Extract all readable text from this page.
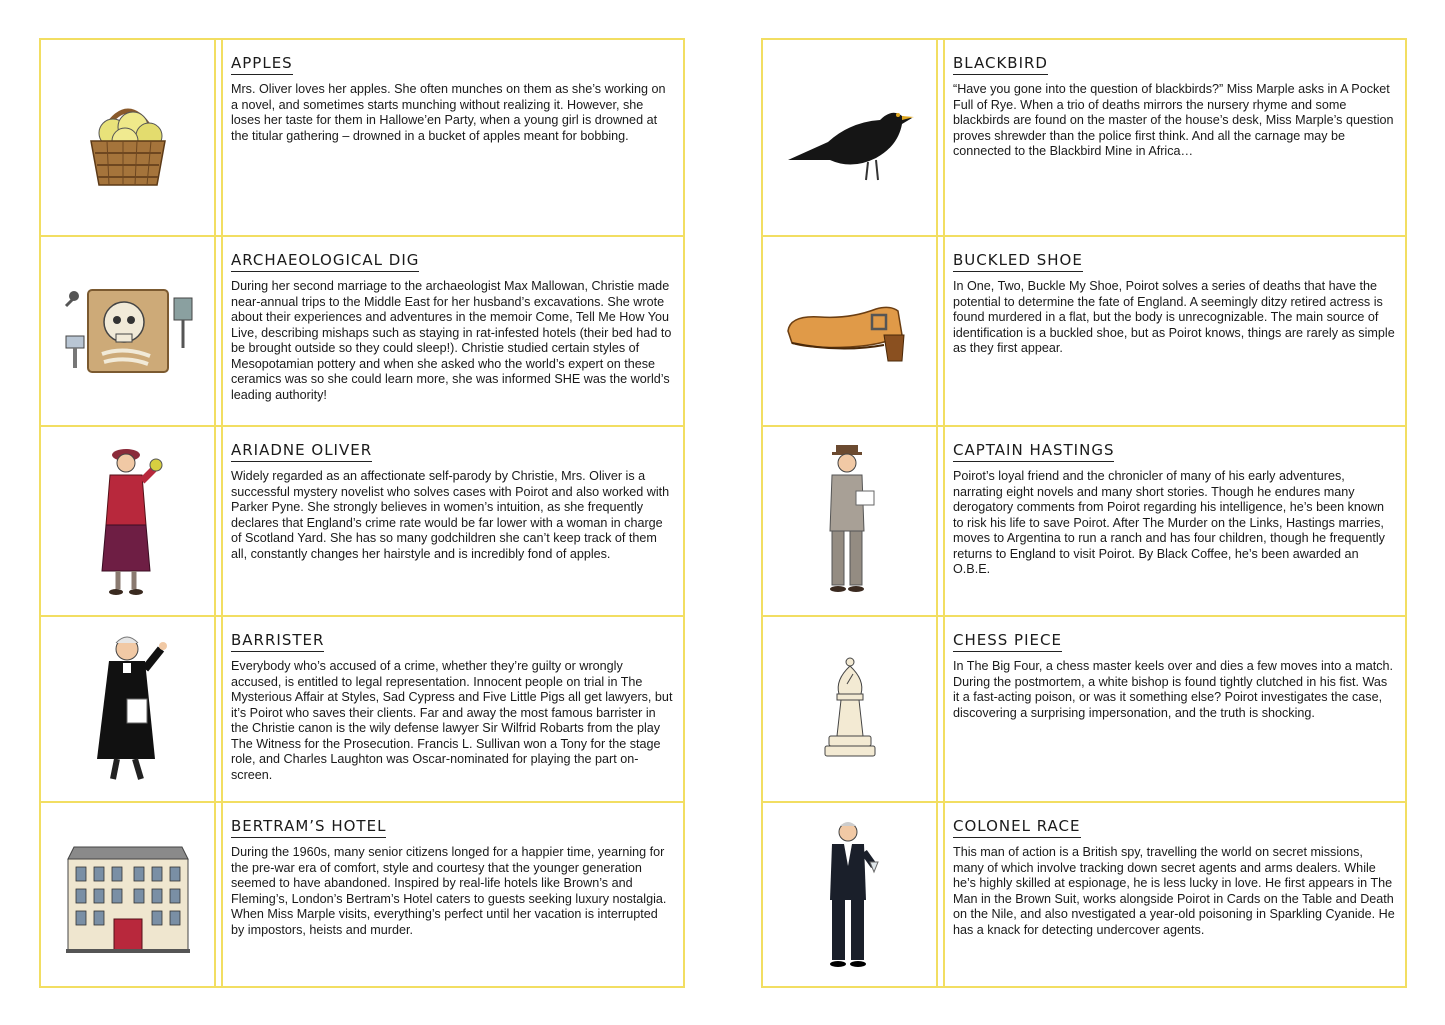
APPLES

Mrs. Oliver loves her apples. She often munches on them as she’s working on a novel, and sometimes starts munching without realizing it. However, she loses her taste for them in Hallowe’en Party, when a young girl is drowned at the titular gathering – drowned in a bucket of apples meant for bobbing.

ARCHAEOLOGICAL DIG

During her second marriage to the archaeologist Max Mallowan, Christie made near-annual trips to the Middle East for her husband’s excavations. She wrote about their experiences and adventures in the memoir Come, Tell Me How You Live, describing mishaps such as staying in rat-infested hotels (their bed had to be brought outside so they could sleep!). Christie studied certain styles of Mesopotamian pottery and when she asked who the world’s expert on these ceramics was so she could learn more, she was informed SHE was the world’s leading authority!

ARIADNE OLIVER

Widely regarded as an affectionate self-parody by Christie, Mrs. Oliver is a successful mystery novelist who solves cases with Poirot and also worked with Parker Pyne. She strongly believes in women’s intuition, as she frequently declares that England’s crime rate would be far lower with a woman in charge of Scotland Yard. She has so many godchildren she can’t keep track of them all, constantly changes her hairstyle and is incredibly fond of apples.

BARRISTER

Everybody who’s accused of a crime, whether they’re guilty or wrongly accused, is entitled to legal representation. Innocent people on trial in The Mysterious Affair at Styles, Sad Cypress and Five Little Pigs all get lawyers, but it’s Poirot who saves their clients. Far and away the most famous barrister in the Christie canon is the wily defense lawyer Sir Wilfrid Robarts from the play The Witness for the Prosecution. Francis L. Sullivan won a Tony for the stage role, and Charles Laughton was Oscar-nominated for playing the part on-screen.

BERTRAM’S HOTEL

During the 1960s, many senior citizens longed for a happier time, yearning for the pre-war era of comfort, style and courtesy that the younger generation seemed to have abandoned. Inspired by real-life hotels like Brown’s and Fleming’s, London’s Bertram’s Hotel caters to guests seeking luxury nostalgia. When Miss Marple visits, everything’s perfect until her vacation is interrupted by impostors, heists and murder.

BLACKBIRD

“Have you gone into the question of blackbirds?” Miss Marple asks in A Pocket Full of Rye. When a trio of deaths mirrors the nursery rhyme and some blackbirds are found on the master of the house’s desk, Miss Marple’s question proves shrewder than the police first think. And all the carnage may be connected to the Blackbird Mine in Africa…

BUCKLED SHOE

In One, Two, Buckle My Shoe, Poirot solves a series of deaths that have the potential to determine the fate of England. A seemingly ditzy retired actress is found murdered in a flat, but the body is unrecognizable. The main source of identification is a buckled shoe, but as Poirot knows, things are rarely as simple as they first appear.

CAPTAIN HASTINGS

Poirot’s loyal friend and the chronicler of many of his early adventures, narrating eight novels and many short stories. Though he endures many derogatory comments from Poirot regarding his intelligence, he’s been known to risk his life to save Poirot. After The Murder on the Links, Hastings marries, moves to Argentina to run a ranch and has four children, though he frequently returns to England to visit Poirot. By Black Coffee, he’s been awarded an O.B.E.

CHESS PIECE

In The Big Four, a chess master keels over and dies a few moves into a match. During the postmortem, a white bishop is found tightly clutched in his fist. Was it a fast-acting poison, or was it something else? Poirot investigates the case, discovering a surprising impersonation, and the truth is shocking.

COLONEL RACE

This man of action is a British spy, travelling the world on secret missions, many of which involve tracking down secret agents and arms dealers. While he’s highly skilled at espionage, he is less lucky in love. He first appears in The Man in the Brown Suit, works alongside Poirot in Cards on the Table and Death on the Nile, and also nvestigated a year-old poisoning in Sparkling Cyanide. He has a knack for detecting undercover agents.
